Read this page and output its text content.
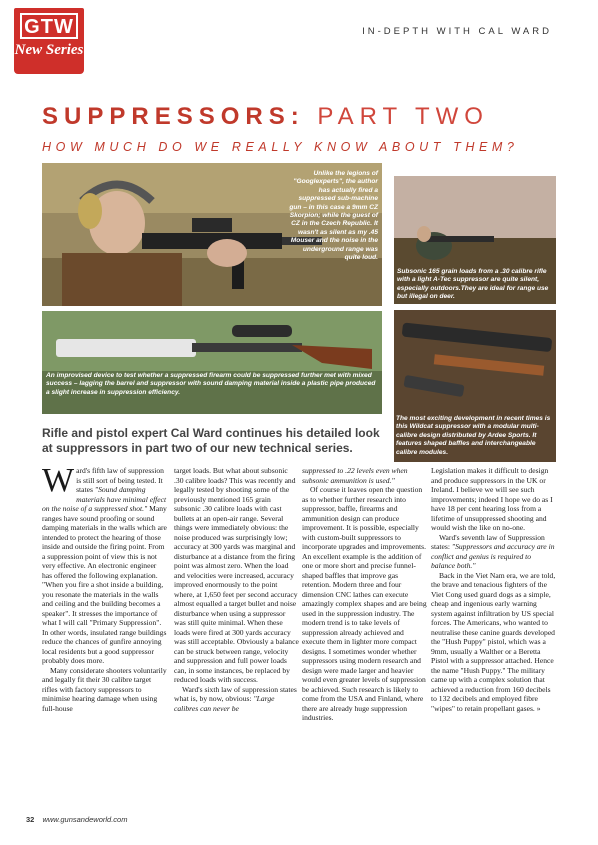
GTW
New Series
IN-DEPTH WITH CAL WARD
SUPPRESSORS: PART TWO
HOW MUCH DO WE REALLY KNOW ABOUT THEM?
Unlike the legions of "Googlexperts", the author has actually fired a suppressed sub-machine gun – in this case a 9mm CZ Skorpion; while the guest of CZ in the Czech Republic. It wasn't as silent as my .45 Mouser and the noise in the underground range was quite loud.
Subsonic 165 grain loads from a .30 calibre rifle with a light A-Tec suppressor are quite silent, especially outdoors.They are ideal for range use but illegal on deer.
An improvised device to test whether a suppressed firearm could be suppressed further met with mixed success – lagging the barrel and suppressor with sound damping material inside a plastic pipe produced a slight increase in suppression efficiency.
The most exciting development in recent times is this Wildcat suppressor with a modular multi-calibre design distributed by Ardee Sports. It features shaped baffles and interchangeable calibre modules.
Rifle and pistol expert Cal Ward continues his detailed look at suppressors in part two of our new technical series.

Ward's fifth law of suppression is still sort of being tested. It states "Sound damping materials have minimal effect on the noise of a suppressed shot." Many ranges have sound proofing or sound damping materials in the walls which are intended to protect the hearing of those inside and outside the firing point. From a suppression point of view this is not very effective. An electronic engineer has offered the following explanation. "When you fire a shot inside a building, you resonate the materials in the walls and ceiling and the building becomes a speaker". It stresses the importance of what I will call "Primary Suppression". In other words, insulated range buildings reduce the chances of gunfire annoying local residents but a good suppressor probably does more.

Many considerate shooters voluntarily and legally fit their 30 calibre target rifles with factory suppressors to minimise hearing damage when using full-house

target loads. But what about subsonic .30 calibre loads? This was recently and legally tested by shooting some of the previously mentioned 165 grain subsonic .30 calibre loads with cast bullets at an open-air range. Several things were immediately obvious: the noise produced was surprisingly low; accuracy at 300 yards was marginal and disturbance at a distance from the firing point was almost zero. When the load and velocities were increased, accuracy improved enormously to the point where, at 1,650 feet per second accuracy almost equalled a target bullet and noise disturbance when using a suppressor was still quite minimal. When these loads were fired at 300 yards accuracy was still acceptable. Obviously a balance can be struck between range, velocity and suppression and full power loads can, in some instances, be replaced by reduced loads with success.

Ward's sixth law of suppression states what is, by now, obvious: "Large calibres can never be

suppressed to .22 levels even when subsonic ammunition is used."

Of course it leaves open the question as to whether further research into suppressor, baffle, firearms and ammunition design can produce improvement. It is possible, especially with custom-built suppressors to incorporate upgrades and improvements. An excellent example is the addition of one or more short and precise funnel-shaped baffles that improve gas retention. Modern three and four dimension CNC lathes can execute amazingly complex shapes and are being used in the suppression industry. The modern trend is to take levels of suppression already achieved and execute them in lighter more compact designs. I sometimes wonder whether suppressors using modern research and design were made larger and heavier would even greater levels of suppression be achieved. Such research is likely to come from the USA and Finland, where there are already huge suppression industries.

Legislation makes it difficult to design and produce suppressors in the UK or Ireland. I believe we will see such improvements; indeed I hope we do as I have 18 per cent hearing loss from a lifetime of unsuppressed shooting and would wish the like on no-one.

Ward's seventh law of Suppression states: "Suppressors and accuracy are in conflict and genius is required to balance both."

Back in the Viet Nam era, we are told, the brave and tenacious fighters of the Viet Cong used guard dogs as a simple, cheap and ingenious early warning system against infiltration by US special forces. The Americans, who wanted to neutralise these canine guards developed the "Hush Puppy" pistol, which was a 9mm, usually a Walther or a Beretta Pistol with a suppressor attached. Hence the name "Hush Puppy." The military came up with a complex solution that achieved a reduction from 160 decibels to 132 decibels and employed fibre "wipes" to retain propellant gases. »

32 www.gunsandeworld.com
